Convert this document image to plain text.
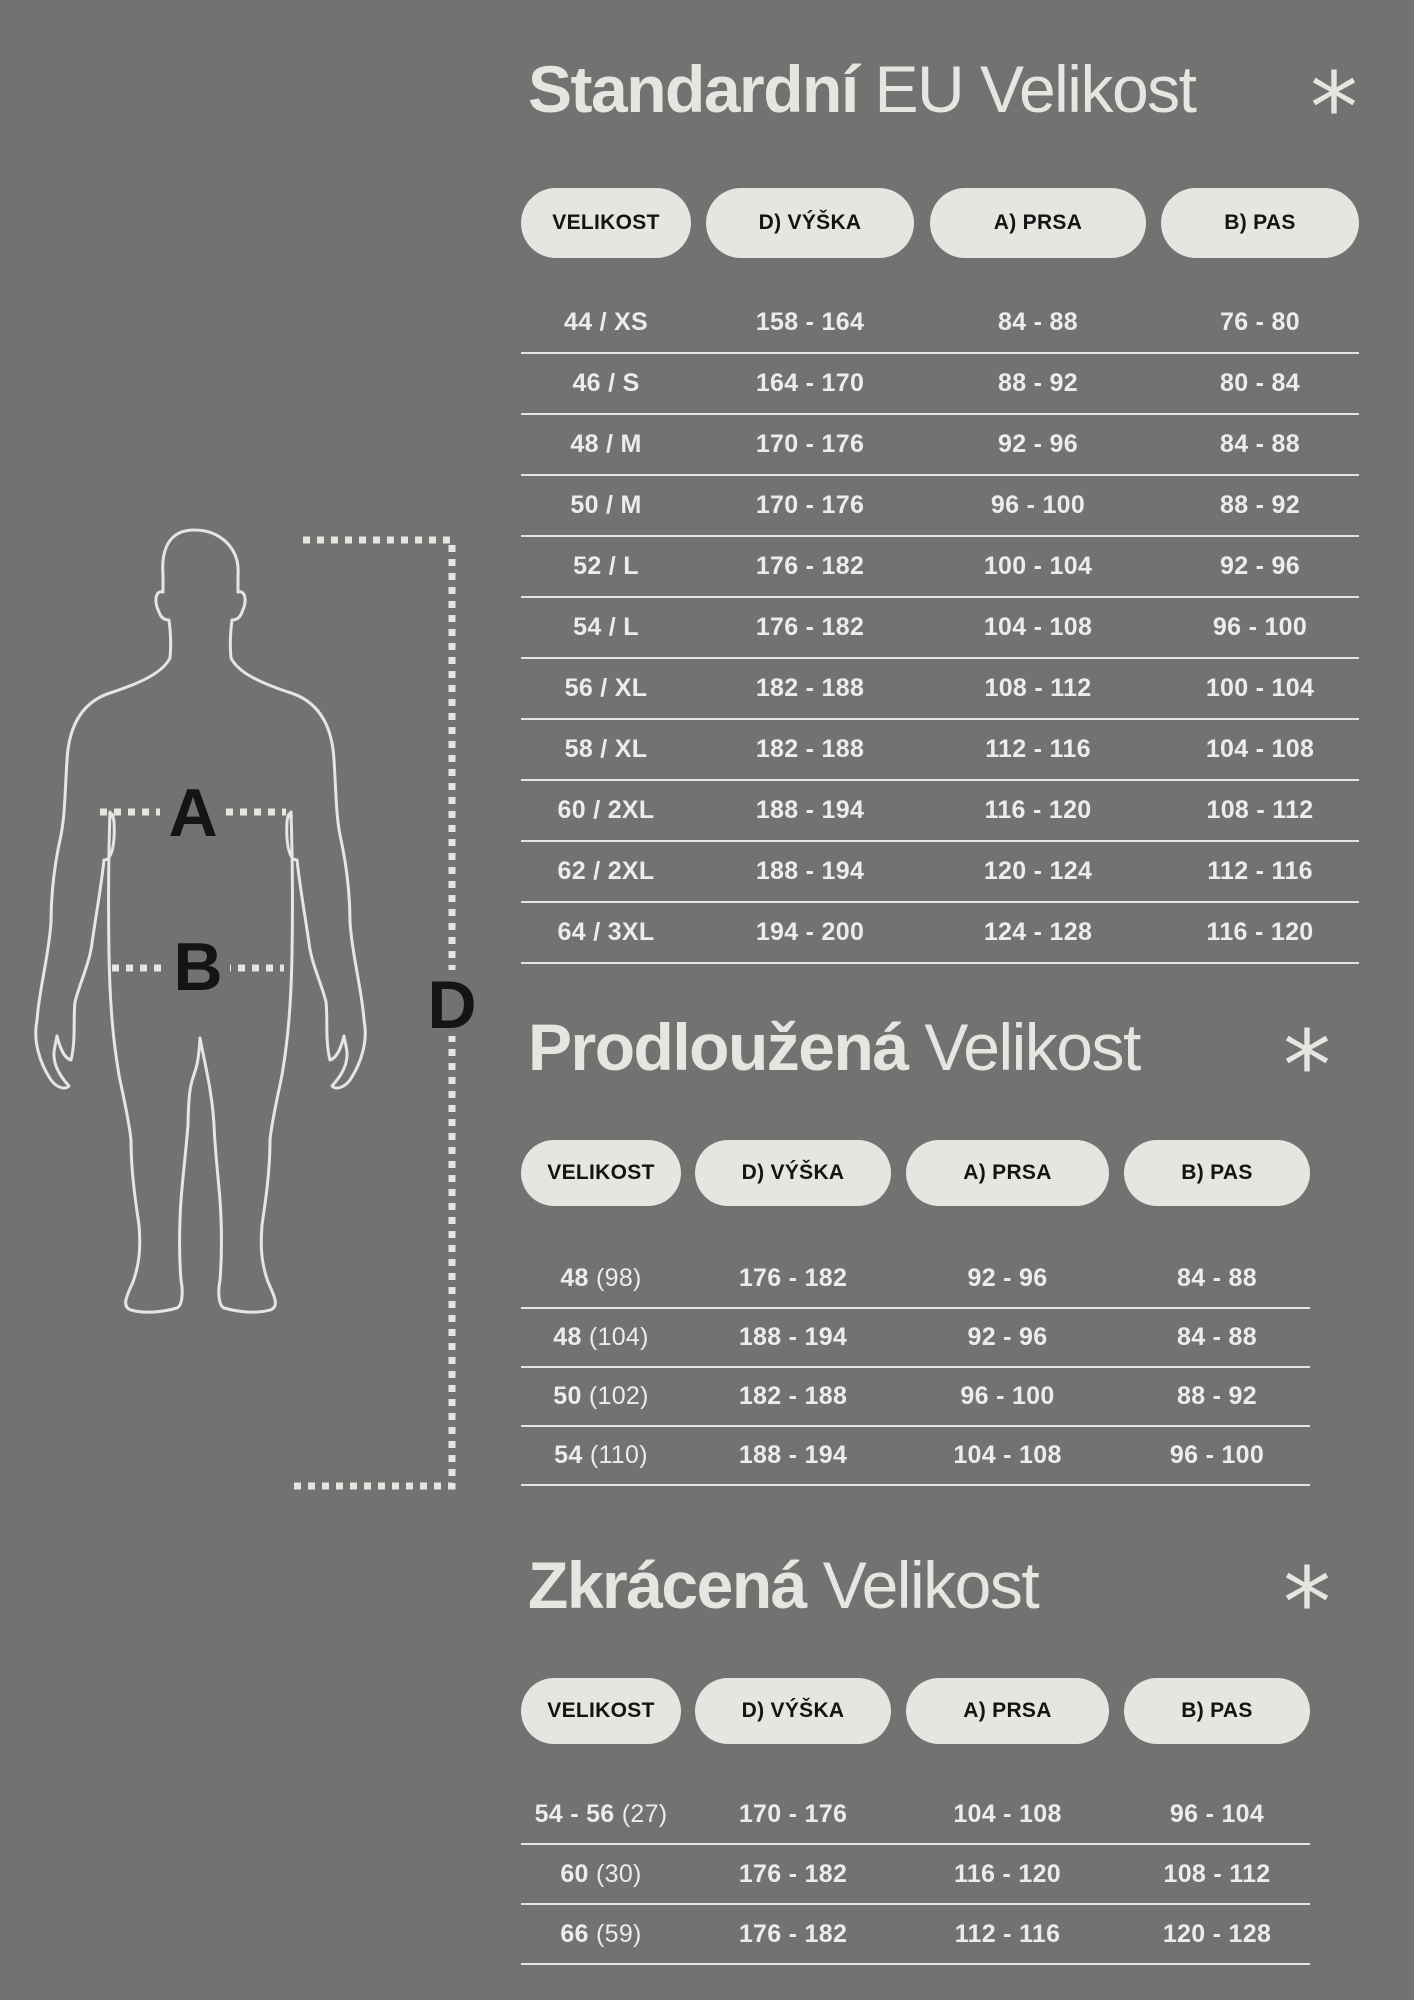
A
B	D
Standardní EU Velikost *
VELIKOST	D) VÝŠKA	A) PRSA	B) PAS
44 / XS	158 - 164	84 - 88	76 - 80
46 / S	164 - 170	88 - 92	80 - 84
48 / M	170 - 176	92 - 96	84 - 88
50 / M	170 - 176	96 - 100	88 - 92
52 / L	176 - 182	100 - 104	92 - 96
54 / L	176 - 182	104 - 108	96 - 100
56 / XL	182 - 188	108 - 112	100 - 104
58 / XL	182 - 188	112 - 116	104 - 108
60 / 2XL	188 - 194	116 - 120	108 - 112
62 / 2XL	188 - 194	120 - 124	112 - 116
64 / 3XL	194 - 200	124 - 128	116 - 120
Prodloužená Velikost *
VELIKOST	D) VÝŠKA	A) PRSA	B) PAS
48 (98)	176 - 182	92 - 96	84 - 88
48 (104)	188 - 194	92 - 96	84 - 88
50 (102)	182 - 188	96 - 100	88 - 92
54 (110)	188 - 194	104 - 108	96 - 100
Zkrácená Velikost	*
VELIKOST	D) VÝŠKA	A) PRSA	B) PAS
54 - 56 (27)	170 - 176	104 - 108	96 - 104
60 (30)	176 - 182	116 - 120	108 - 112
66 (59)	176 - 182	112 - 116	120 - 128
